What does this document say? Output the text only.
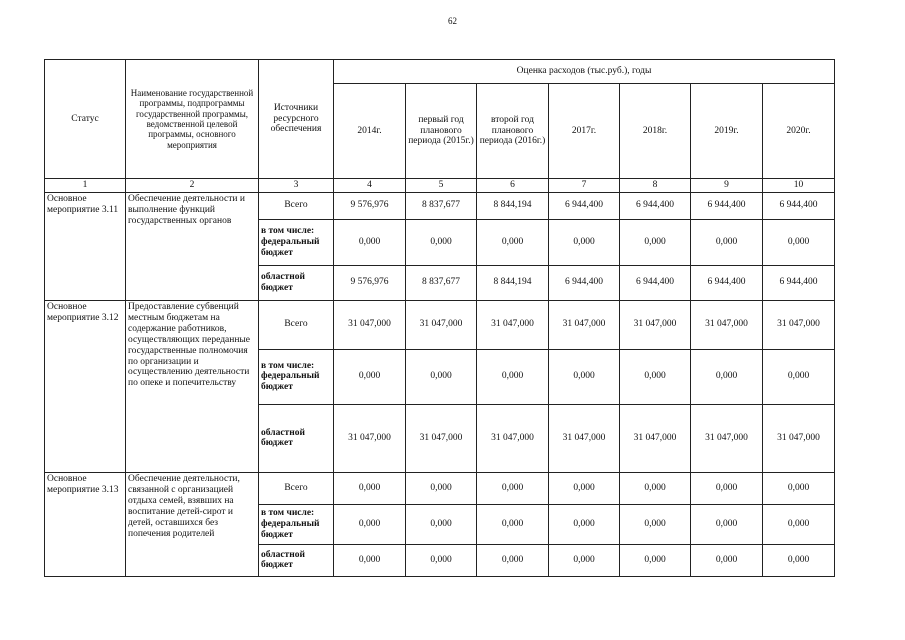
62
Статус	Наименование государственной программы, подпрограммы государственной программы, ведомственной целевой программы, основного мероприятия	Источники ресурсного обеспечения	Оценка расходов (тыс.руб.), годы						
			2014г.	первый год планового периода (2015г.)	второй год планового периода (2016г.)	2017г.	2018г.	2019г.	2020г.
1	2	3	4	5	6	7	8	9	10
Основное мероприятие 3.11	Обеспечение деятельности и выполнение функций государственных органов	Всего	9 576,976	8 837,677	8 844,194	6 944,400	6 944,400	6 944,400	6 944,400
		в том числе: федеральный бюджет	0,000	0,000	0,000	0,000	0,000	0,000	0,000
		областной бюджет	9 576,976	8 837,677	8 844,194	6 944,400	6 944,400	6 944,400	6 944,400
Основное мероприятие 3.12	Предоставление субвенций местным бюджетам на содержание работников, осуществляющих переданные государственные полномочия по организации и осуществлению деятельности по опеке и попечительству	Всего	31 047,000	31 047,000	31 047,000	31 047,000	31 047,000	31 047,000	31 047,000
		в том числе: федеральный бюджет	0,000	0,000	0,000	0,000	0,000	0,000	0,000
		областной бюджет	31 047,000	31 047,000	31 047,000	31 047,000	31 047,000	31 047,000	31 047,000
Основное мероприятие 3.13	Обеспечение деятельности, связанной с организацией отдыха семей, взявших на воспитание детей-сирот и детей, оставшихся без попечения родителей	Всего	0,000	0,000	0,000	0,000	0,000	0,000	0,000
		в том числе: федеральный бюджет	0,000	0,000	0,000	0,000	0,000	0,000	0,000
		областной бюджет	0,000	0,000	0,000	0,000	0,000	0,000	0,000
